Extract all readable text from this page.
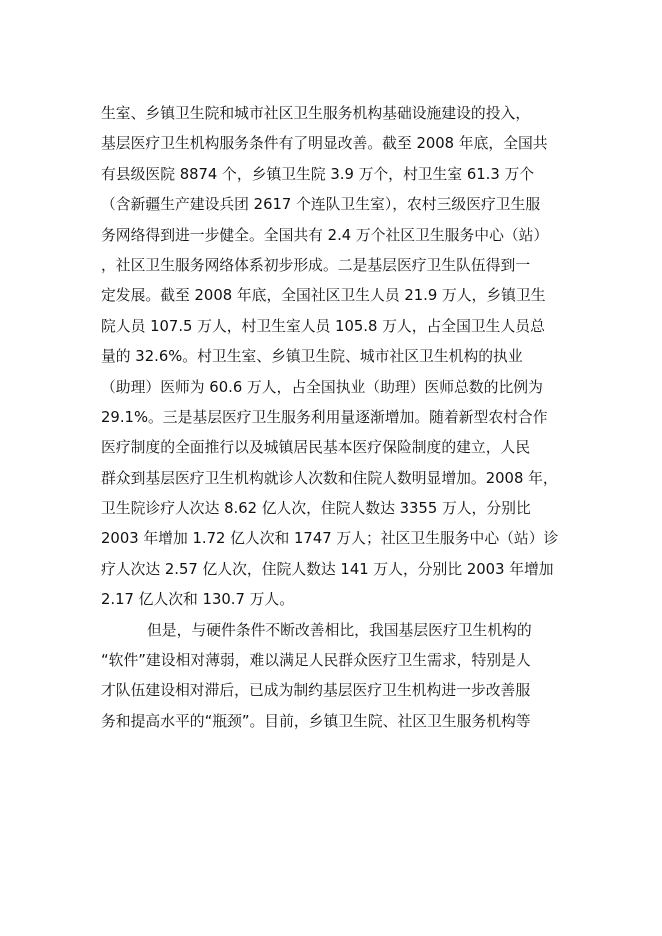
生室、乡镇卫生院和城市社区卫生服务机构基础设施建设的投入，
基层医疗卫生机构服务条件有了明显改善。截至 2008 年底，全国共
有县级医院 8874 个，乡镇卫生院 3.9 万个，村卫生室 61.3 万个
（含新疆生产建设兵团 2617 个连队卫生室），农村三级医疗卫生服
务网络得到进一步健全。全国共有 2.4 万个社区卫生服务中心（站）
，社区卫生服务网络体系初步形成。二是基层医疗卫生队伍得到一
定发展。截至 2008 年底，全国社区卫生人员 21.9 万人，乡镇卫生
院人员 107.5 万人，村卫生室人员 105.8 万人，占全国卫生人员总
量的 32.6%。村卫生室、乡镇卫生院、城市社区卫生机构的执业
（助理）医师为 60.6 万人，占全国执业（助理）医师总数的比例为
29.1%。三是基层医疗卫生服务利用量逐渐增加。随着新型农村合作
医疗制度的全面推行以及城镇居民基本医疗保险制度的建立，人民
群众到基层医疗卫生机构就诊人次数和住院人数明显增加。2008 年，
卫生院诊疗人次达 8.62 亿人次，住院人数达 3355 万人，分别比
2003 年增加 1.72 亿人次和 1747 万人；社区卫生服务中心（站）诊
疗人次达 2.57 亿人次，住院人数达 141 万人，分别比 2003 年增加
2.17 亿人次和 130.7 万人。
但是，与硬件条件不断改善相比，我国基层医疗卫生机构的
“软件”建设相对薄弱，难以满足人民群众医疗卫生需求，特别是人
才队伍建设相对滞后，已成为制约基层医疗卫生机构进一步改善服
务和提高水平的“瓶颈”。目前，乡镇卫生院、社区卫生服务机构等
